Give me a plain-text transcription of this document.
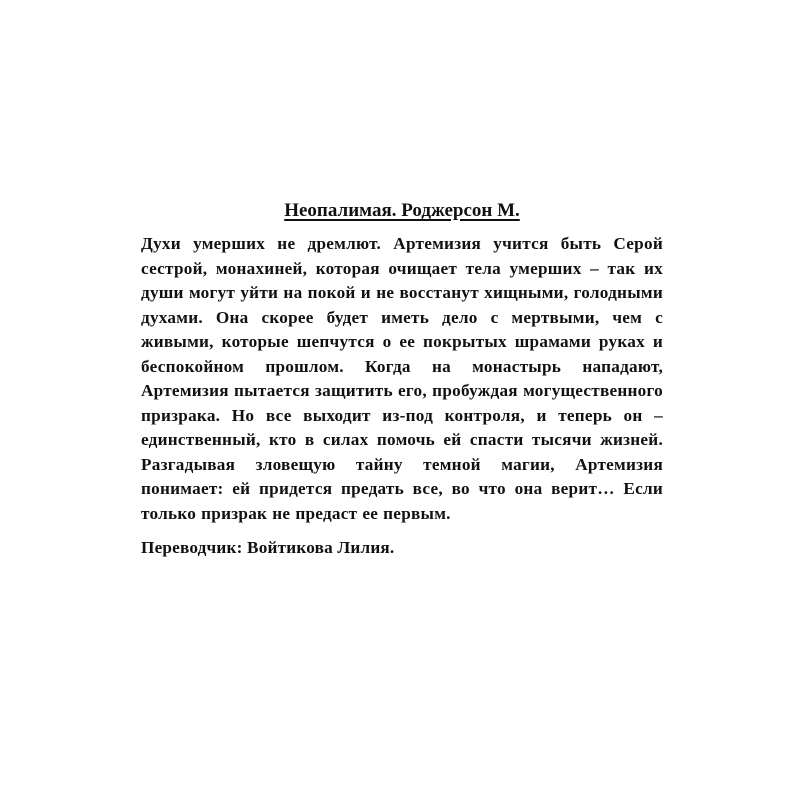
Неопалимая. Роджерсон М.

Духи умерших не дремлют. Артемизия учится быть Серой сестрой, монахиней, которая очищает тела умерших – так их души могут уйти на покой и не восстанут хищными, голодными духами. Она скорее будет иметь дело с мертвыми, чем с живыми, которые шепчутся о ее покрытых шрамами руках и беспокойном прошлом. Когда на монастырь нападают, Артемизия пытается защитить его, пробуждая могущественного призрака. Но все выходит из-под контроля, и теперь он – единственный, кто в силах помочь ей спасти тысячи жизней. Разгадывая зловещую тайну темной магии, Артемизия понимает: ей придется предать все, во что она верит… Если только призрак не предаст ее первым.

Переводчик: Войтикова Лилия.
